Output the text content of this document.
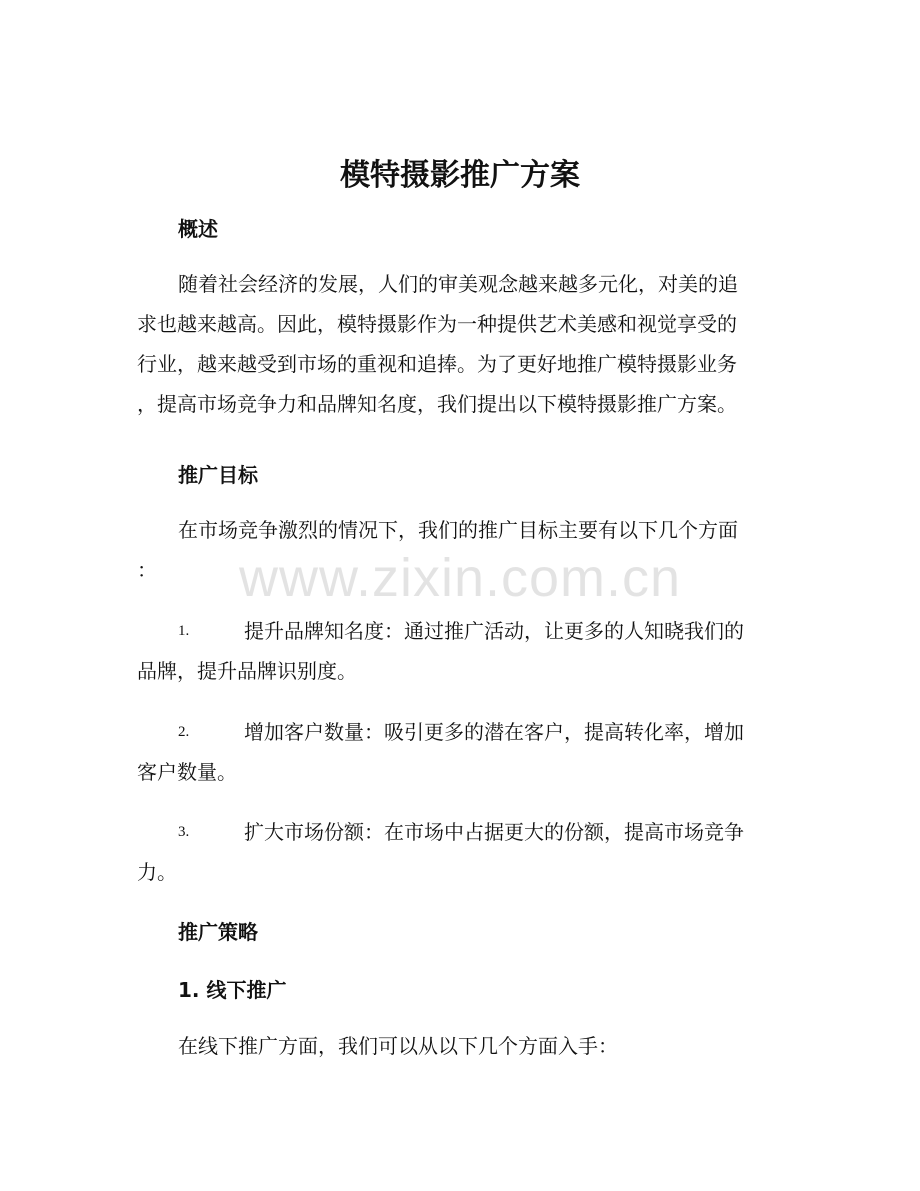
www.zixin.com.cn
模特摄影推广方案
概述

随着社会经济的发展，人们的审美观念越来越多元化，对美的追
求也越来越高。因此，模特摄影作为一种提供艺术美感和视觉享受的
行业，越来越受到市场的重视和追捧。为了更好地推广模特摄影业务
，提高市场竞争力和品牌知名度，我们提出以下模特摄影推广方案。

推广目标

在市场竞争激烈的情况下，我们的推广目标主要有以下几个方面
：

1.	提升品牌知名度：通过推广活动，让更多的人知晓我们的
品牌，提升品牌识别度。

2.	增加客户数量：吸引更多的潜在客户，提高转化率，增加
客户数量。

3.	扩大市场份额：在市场中占据更大的份额，提高市场竞争
力。

推广策略
1. 线下推广

在线下推广方面，我们可以从以下几个方面入手：
